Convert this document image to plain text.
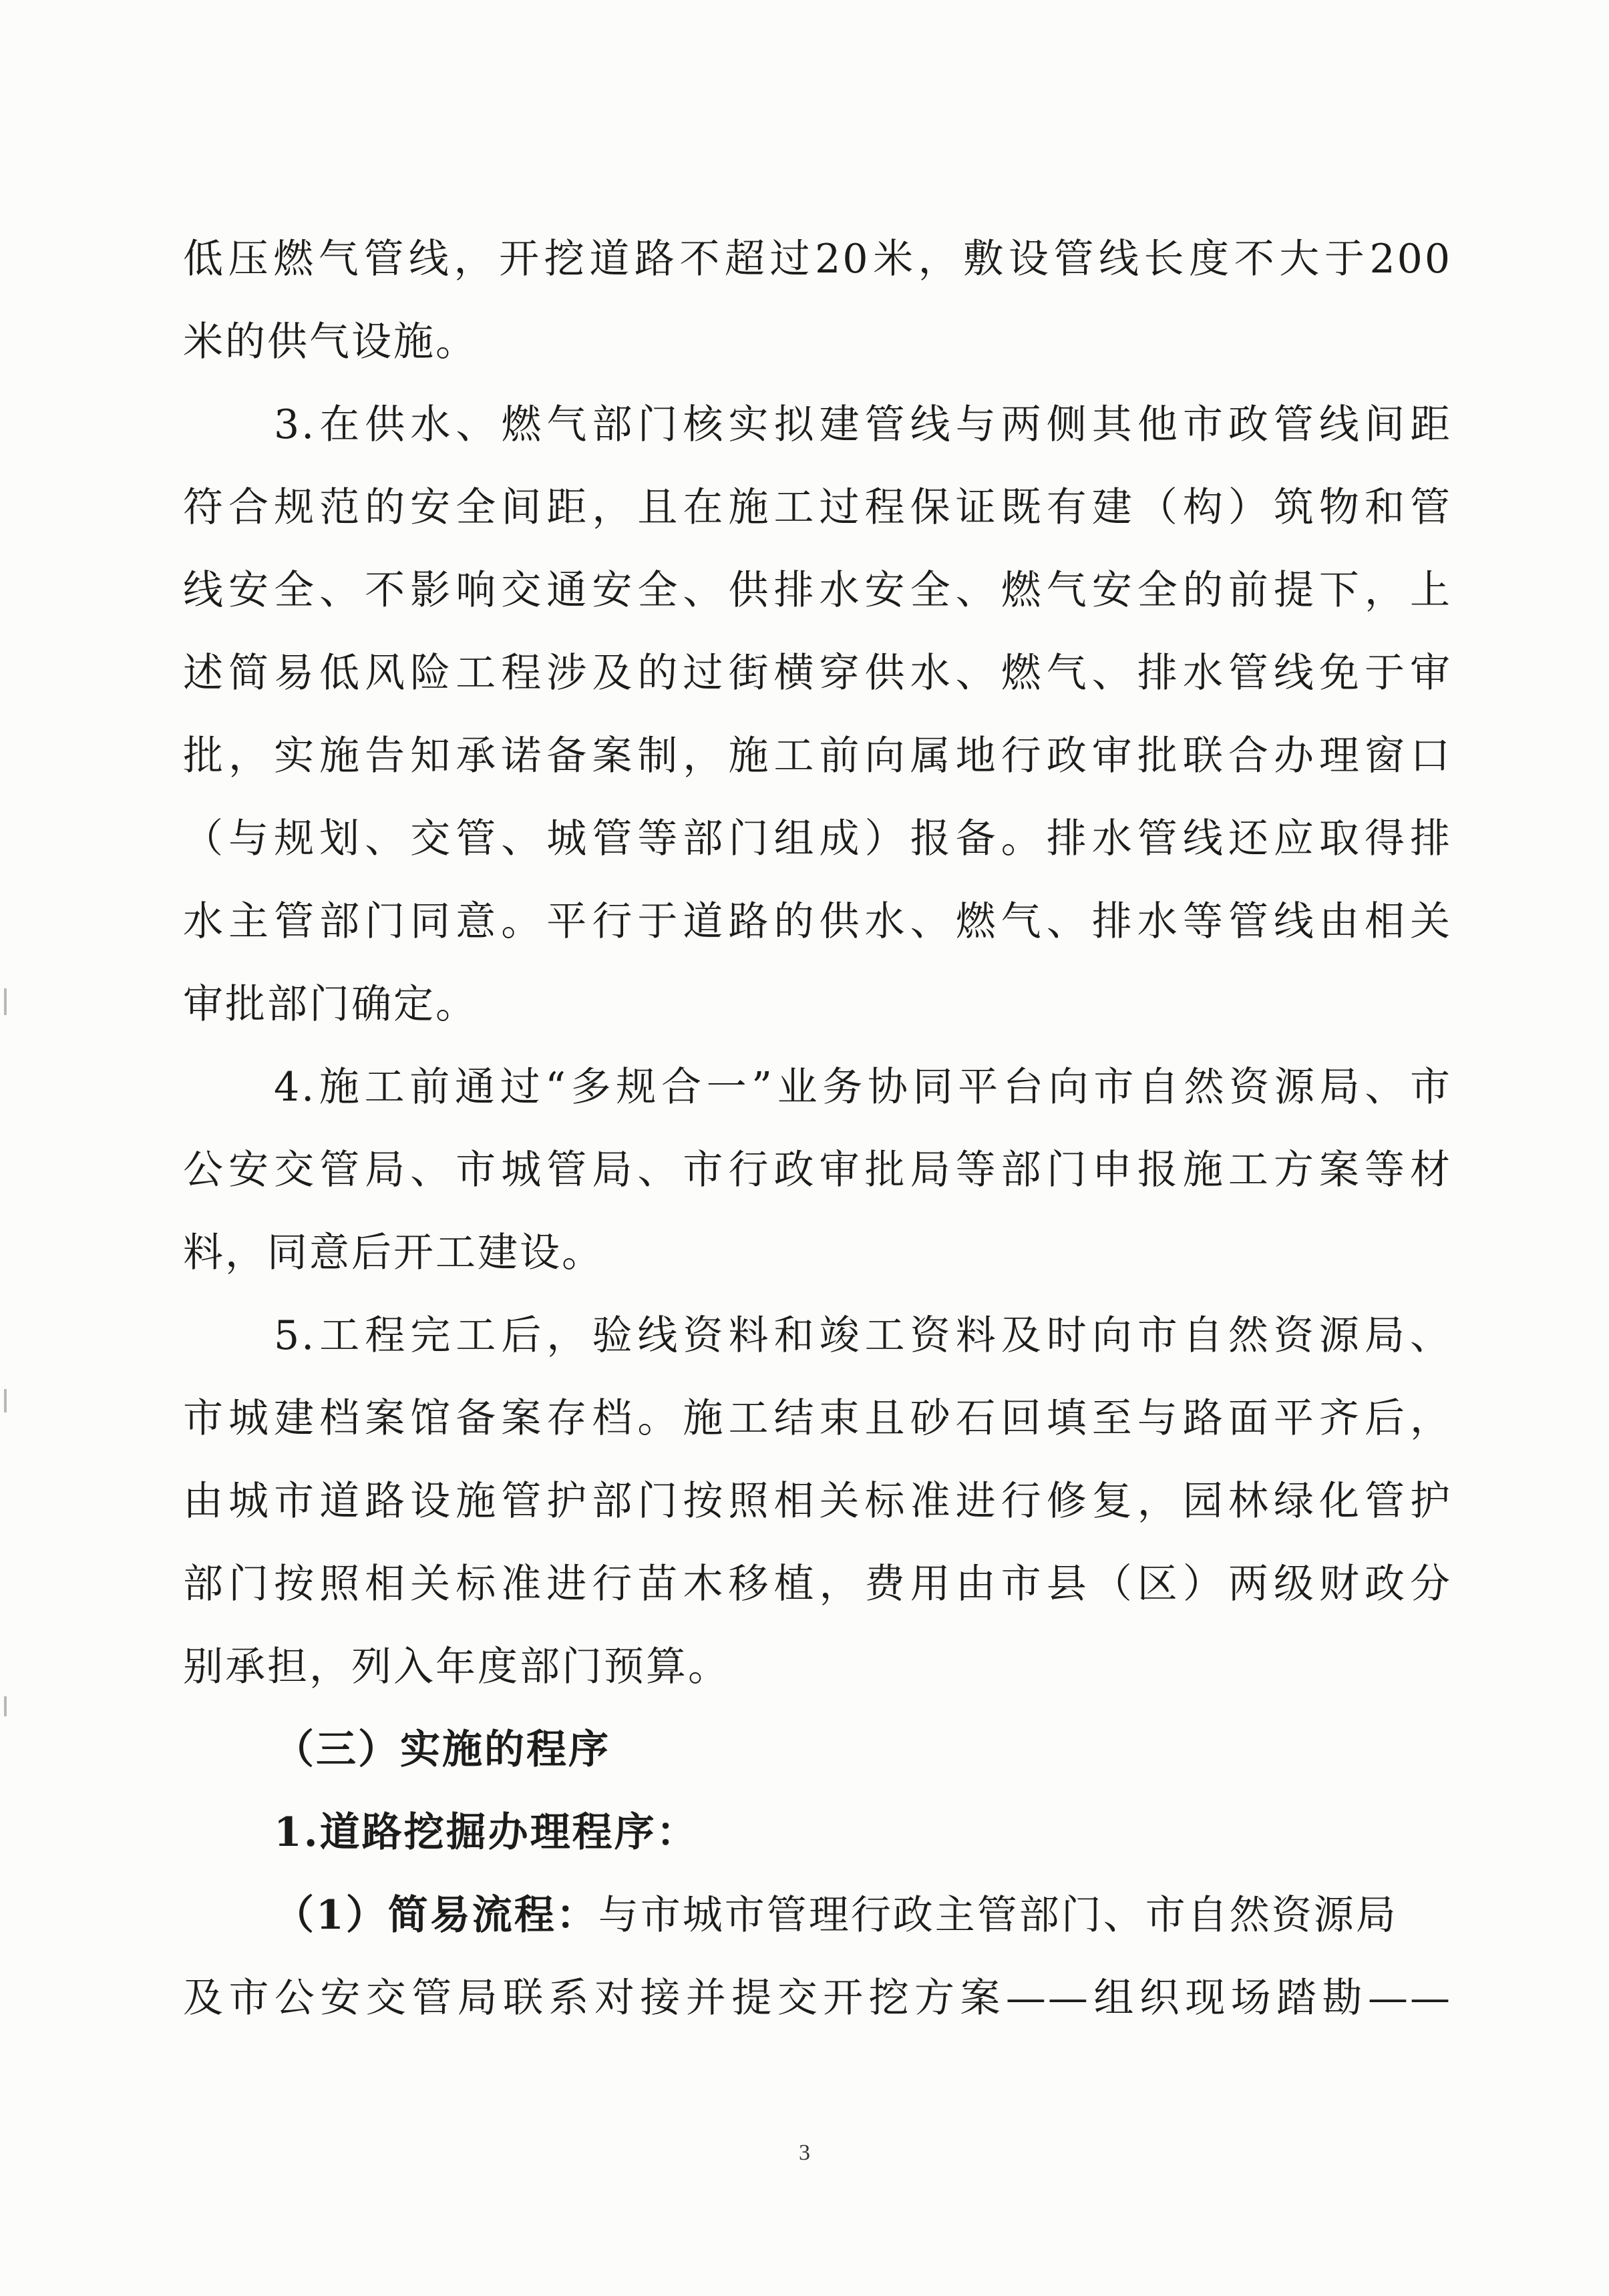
低压燃气管线，开挖道路不超过20米，敷设管线长度不大于200
米的供气设施。
3.在供水、燃气部门核实拟建管线与两侧其他市政管线间距
符合规范的安全间距，且在施工过程保证既有建（构）筑物和管
线安全、不影响交通安全、供排水安全、燃气安全的前提下，上
述简易低风险工程涉及的过街横穿供水、燃气、排水管线免于审
批，实施告知承诺备案制，施工前向属地行政审批联合办理窗口
（与规划、交管、城管等部门组成）报备。排水管线还应取得排
水主管部门同意。平行于道路的供水、燃气、排水等管线由相关
审批部门确定。
4.施工前通过“多规合一”业务协同平台向市自然资源局、市
公安交管局、市城管局、市行政审批局等部门申报施工方案等材
料，同意后开工建设。
5.工程完工后，验线资料和竣工资料及时向市自然资源局、
市城建档案馆备案存档。施工结束且砂石回填至与路面平齐后，
由城市道路设施管护部门按照相关标准进行修复，园林绿化管护
部门按照相关标准进行苗木移植，费用由市县（区）两级财政分
别承担，列入年度部门预算。
（三）实施的程序
1.道路挖掘办理程序：
（1）简易流程： 与市城市管理行政主管部门、市自然资源局
及市公安交管局联系对接并提交开挖方案——组织现场踏勘——
3
